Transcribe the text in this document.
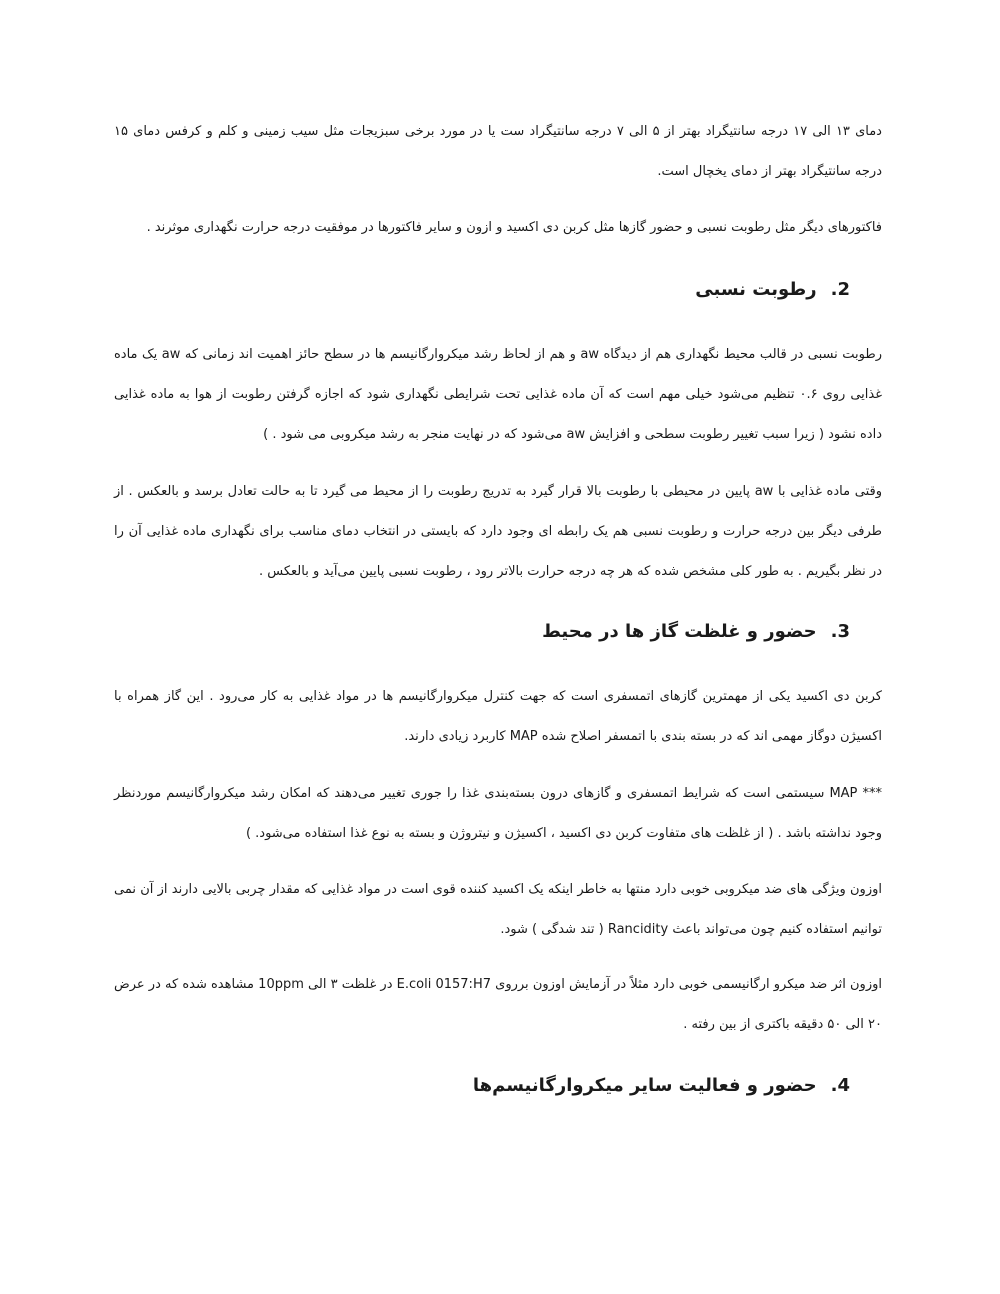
دمای ۱۳ الی ۱۷ درجه سانتیگراد بهتر از ۵ الی ۷ درجه سانتیگراد ست یا در مورد برخی سبزیجات مثل سیب زمینی و کلم و کرفس دمای ۱۵ درجه سانتیگراد بهتر از دمای یخچال است.

فاکتورهای دیگر مثل رطوبت نسبی و حضور گازها مثل کربن دی اکسید و ازون و سایر فاکتورها در موفقیت درجه حرارت نگهداری موثرند .

2.رطوبت نسبی

رطوبت نسبی در قالب محیط نگهداری هم از دیدگاه aw و هم از لحاظ رشد میکروارگانیسم ها در سطح حائز اهمیت اند زمانی که aw یک ماده غذایی روی ۰.۶ تنظیم می‌شود خیلی مهم است که آن ماده غذایی تحت شرایطی نگهداری شود که اجازه گرفتن رطوبت از هوا به ماده غذایی داده نشود ( زیرا سبب تغییر رطوبت سطحی و افزایش aw می‌شود که در نهایت منجر به رشد میکروبی می شود . )

وقتی ماده غذایی با aw پایین در محیطی با رطوبت بالا قرار گیرد به تدریج رطوبت را از محیط می گیرد تا به حالت تعادل برسد و بالعکس . از طرفی دیگر بین درجه حرارت و رطوبت نسبی هم یک رابطه ای وجود دارد که بایستی در انتخاب دمای مناسب برای نگهداری ماده غذایی آن را در نظر بگیریم . به طور کلی مشخص شده که هر چه درجه حرارت بالاتر رود ، رطوبت نسبی پایین می‌آید و بالعکس .

3.حضور و غلظت گاز ها در محیط

کربن دی اکسید یکی از مهمترین گازهای اتمسفری است که جهت کنترل میکروارگانیسم ها در مواد غذایی به کار می‌رود . این گاز همراه با اکسیژن دوگاز مهمی اند که در بسته بندی با اتمسفر اصلاح شده MAP کاربرد زیادی دارند.

*** MAP سیستمی است که شرایط اتمسفری و گازهای درون بسته‌بندی غذا را جوری تغییر می‌دهند که امکان رشد میکروارگانیسم موردنظر وجود نداشته باشد . ( از غلظت های متفاوت کربن دی اکسید ، اکسیژن و نیتروژن و بسته به نوع غذا استفاده می‌شود. )

اوزون ویژگی های ضد میکروبی خوبی دارد منتها به خاطر اینکه یک اکسید کننده قوی است در مواد غذایی که مقدار چربی بالایی دارند از آن نمی توانیم استفاده کنیم چون می‌تواند باعث Rancidity ( تند شدگی ) شود.

اوزون اثر ضد میکرو ارگانیسمی خوبی دارد مثلاً در آزمایش اوزون برروی E.coli 0157:H7 در غلظت ۳ الی 10ppm مشاهده شده که در عرض ۲۰ الی ۵۰ دقیقه باکتری از بین رفته .

4.حضور و فعالیت سایر میکروارگانیسم‌ها
